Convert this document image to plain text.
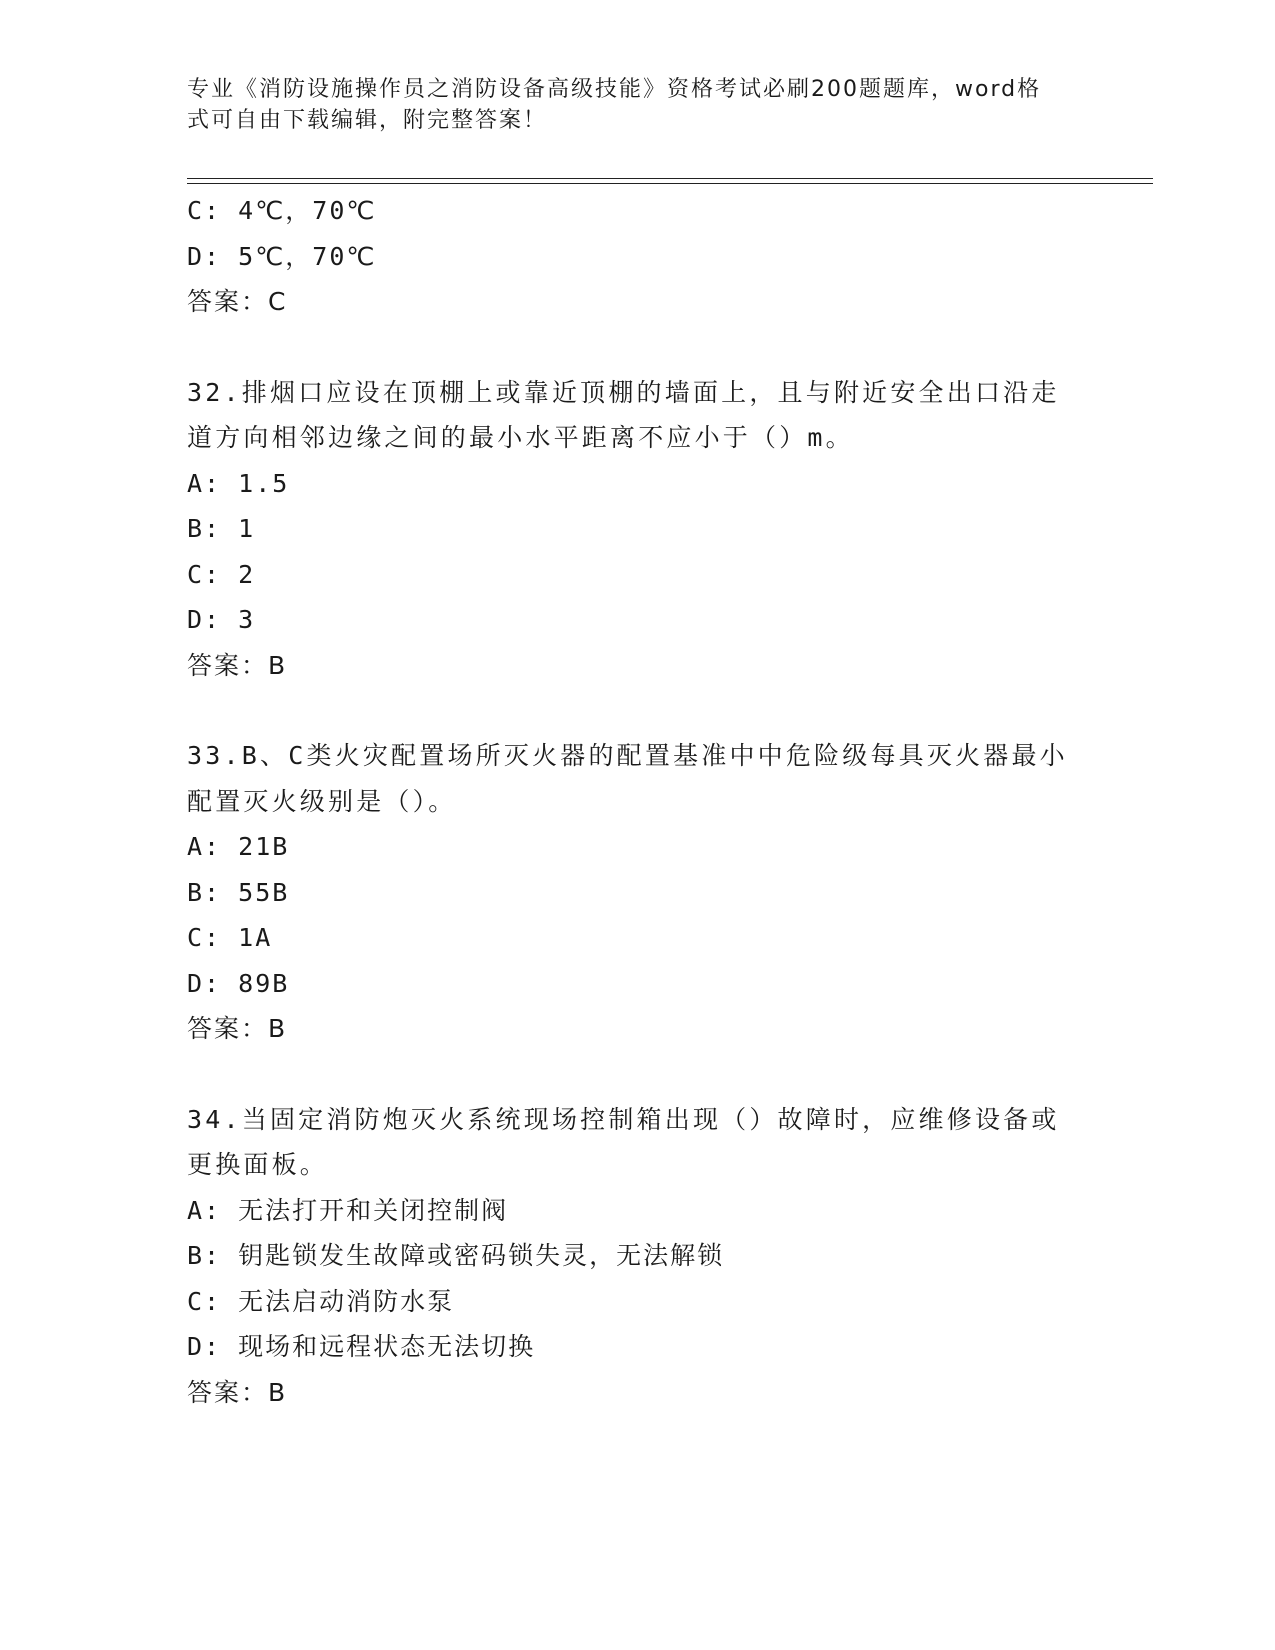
专业《消防设施操作员之消防设备高级技能》资格考试必刷200题题库，word格
式可自由下载编辑，附完整答案！
C: 4℃，70℃
D: 5℃，70℃
答案：C
32.排烟口应设在顶棚上或靠近顶棚的墙面上，且与附近安全出口沿走
道方向相邻边缘之间的最小水平距离不应小于（）m。
A: 1.5
B: 1
C: 2
D: 3
答案：B
33.B、C类火灾配置场所灭火器的配置基准中中危险级每具灭火器最小
配置灭火级别是（）。
A: 21B
B: 55B
C: 1A
D: 89B
答案：B
34.当固定消防炮灭火系统现场控制箱出现（）故障时，应维修设备或
更换面板。
A: 无法打开和关闭控制阀
B: 钥匙锁发生故障或密码锁失灵，无法解锁
C: 无法启动消防水泵
D: 现场和远程状态无法切换
答案：B
